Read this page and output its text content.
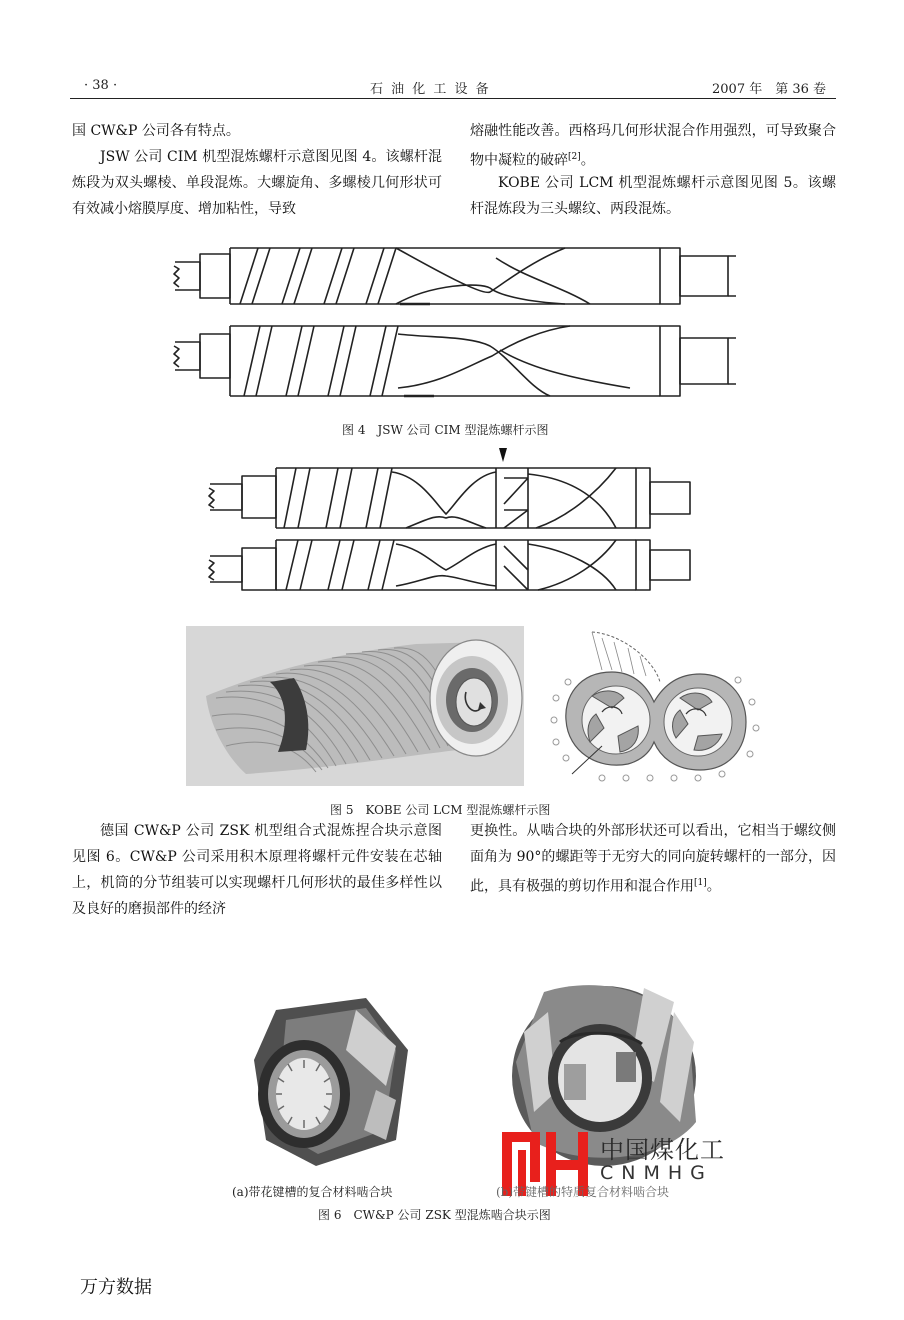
· 38 ·	石 油 化 工 设 备	2007 年　第 36 卷

国 CW&P 公司各有特点。

JSW 公司 CIM 机型混炼螺杆示意图见图 4。该螺杆混炼段为双头螺棱、单段混炼。大螺旋角、多螺棱几何形状可有效减小熔膜厚度、增加粘性，导致

熔融性能改善。西格玛几何形状混合作用强烈，可导致聚合物中凝粒的破碎[2]。

KOBE 公司 LCM 机型混炼螺杆示意图见图 5。该螺杆混炼段为三头螺纹、两段混炼。

图 4　JSW 公司 CIM 型混炼螺杆示图
图 5　KOBE 公司 LCM 型混炼螺杆示图

德国 CW&P 公司 ZSK 机型组合式混炼捏合块示意图见图 6。CW&P 公司采用积木原理将螺杆元件安装在芯轴上，机筒的分节组装可以实现螺杆几何形状的最佳多样性以及良好的磨损部件的经济

更换性。从啮合块的外部形状还可以看出，它相当于螺纹侧面角为 90°的螺距等于无穷大的同向旋转螺杆的一部分，因此，具有极强的剪切作用和混合作用[1]。

(a)带花键槽的复合材料啮合块
中国煤化工
CNMHG
(b)带键槽的特质复合材料啮合块
图 6　CW&P 公司 ZSK 型混炼啮合块示图
万方数据
